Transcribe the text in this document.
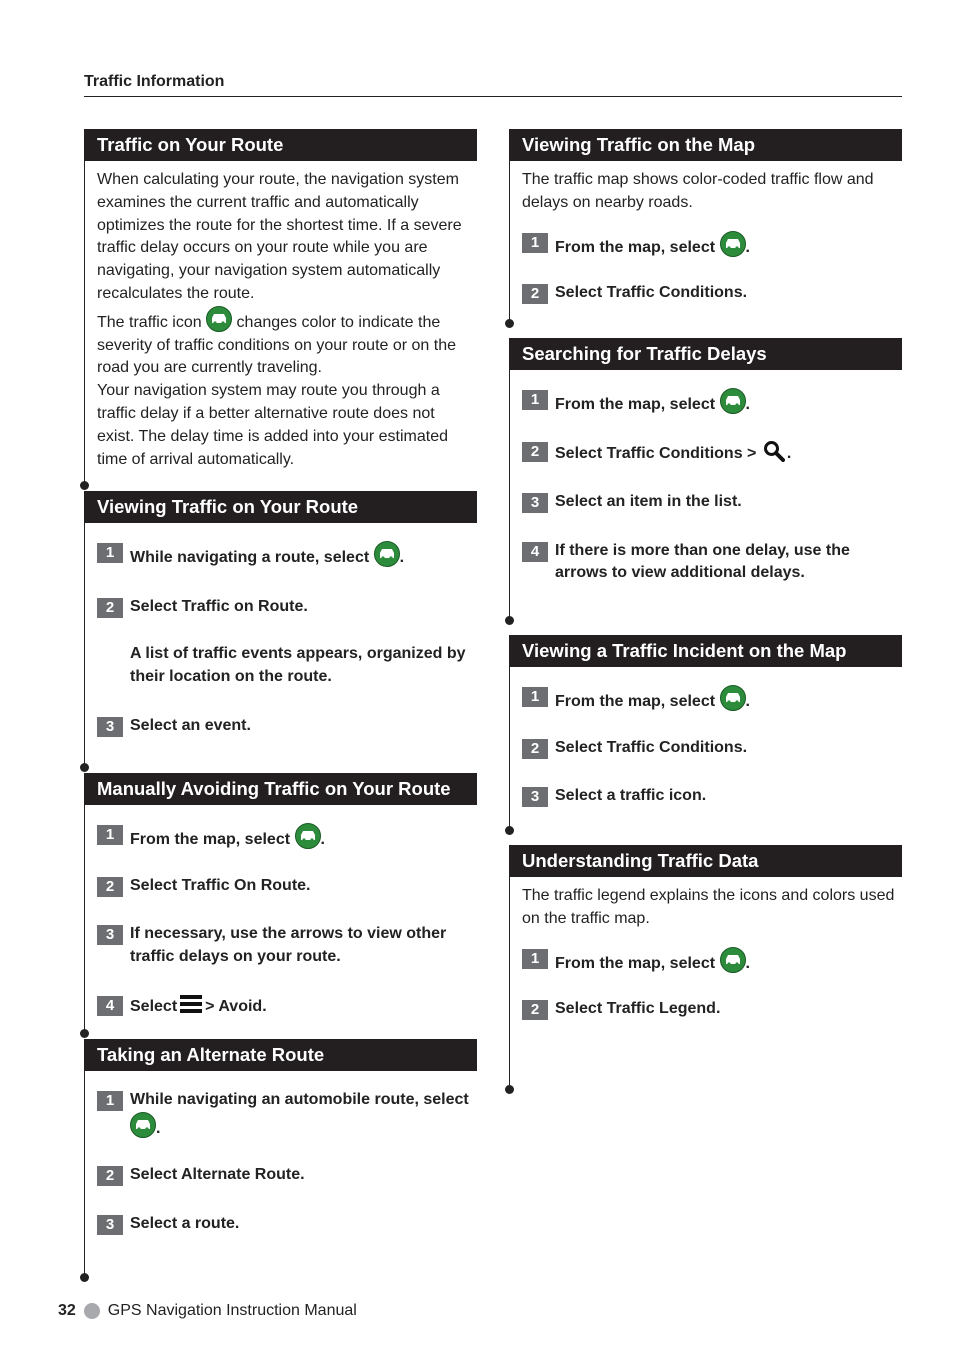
Traffic Information
Traffic on Your Route

When calculating your route, the navigation system examines the current traffic and automatically optimizes the route for the shortest time. If a severe traffic delay occurs on your route while you are navigating, your navigation system automatically recalculates the route.

The traffic icon changes color to indicate the severity of traffic conditions on your route or on the road you are currently traveling.

Your navigation system may route you through a traffic delay if a better alternative route does not exist. The delay time is added into your estimated time of arrival automatically.

Viewing Traffic on Your Route
1 While navigating a route, select .
2 Select Traffic on Route.
A list of traffic events appears, organized by their location on the route.
3 Select an event.
Manually Avoiding Traffic on Your Route
1 From the map, select .
2 Select Traffic On Route.
3 If necessary, use the arrows to view other traffic delays on your route.
4 Select > Avoid.
Taking an Alternate Route
1 While navigating an automobile route, select
.
2 Select Alternate Route.
3 Select a route.
Viewing Traffic on the Map

The traffic map shows color-coded traffic flow and delays on nearby roads.

1 From the map, select .
2 Select Traffic Conditions.
Searching for Traffic Delays
1 From the map, select .
2 Select Traffic Conditions > .
3 Select an item in the list.
4 If there is more than one delay, use the arrows to view additional delays.
Viewing a Traffic Incident on the Map
1 From the map, select .
2 Select Traffic Conditions.
3 Select a traffic icon.
Understanding Traffic Data

The traffic legend explains the icons and colors used on the traffic map.

1 From the map, select .
2 Select Traffic Legend.
32 GPS Navigation Instruction Manual
